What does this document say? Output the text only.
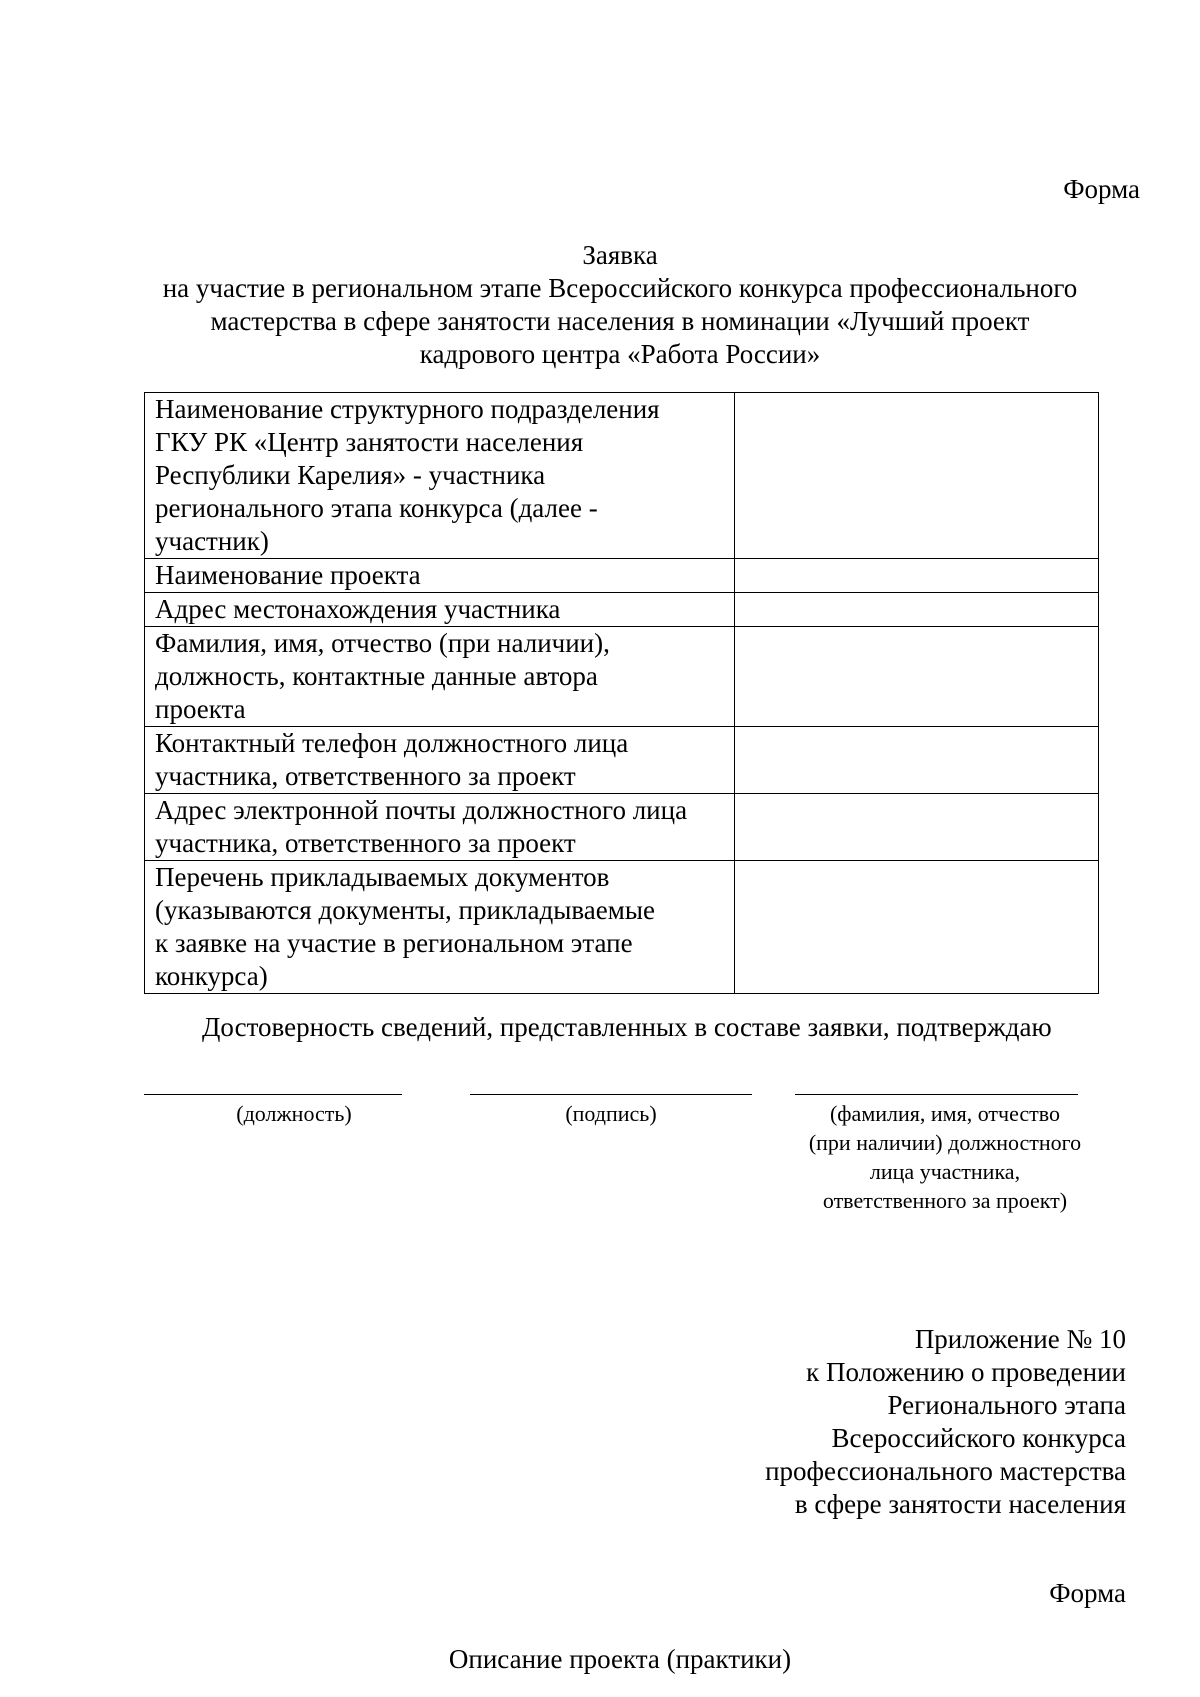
Форма
Заявка
на участие в региональном этапе Всероссийского конкурса профессионального
мастерства в сфере занятости населения в номинации «Лучший проект
кадрового центра «Работа России»
Наименование структурного подразделения
ГКУ РК «Центр занятости населения
Республики Карелия» - участника
регионального этапа конкурса (далее -
участник)	

Наименование проекта	

Адрес местонахождения участника	

Фамилия, имя, отчество (при наличии),
должность, контактные данные автора
проекта	

Контактный телефон должностного лица
участника, ответственного за проект	

Адрес электронной почты должностного лица
участника, ответственного за проект	

Перечень прикладываемых документов
(указываются документы, прикладываемые
к заявке на участие в региональном этапе
конкурса)	

Достоверность сведений, представленных в составе заявки, подтверждаю
(должность)	(подпись)	(фамилия, имя, отчество
(при наличии) должностного
лица участника,
ответственного за проект)
Приложение № 10
к Положению о проведении
Регионального этапа
Всероссийского конкурса
профессионального мастерства
в сфере занятости населения
Форма
Описание проекта (практики)
